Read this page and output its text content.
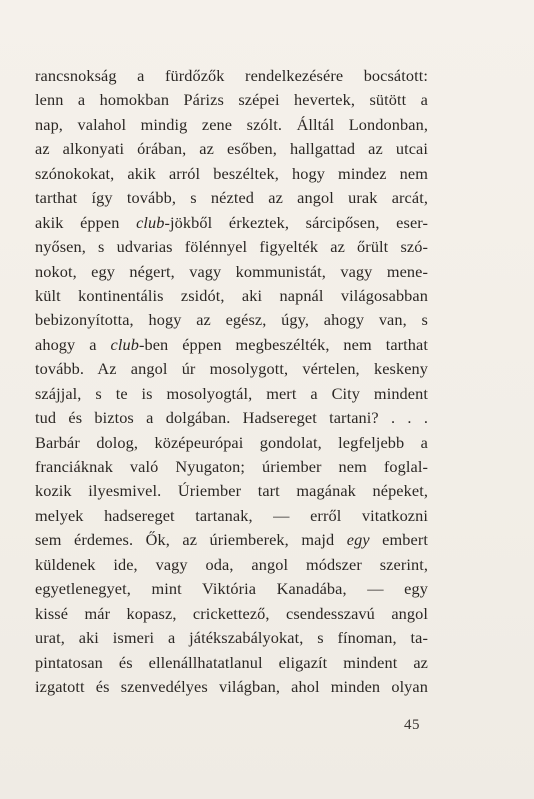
rancsnokság a fürdőzők rendelkezésére bocsátott:
lenn a homokban Párizs szépei hevertek, sütött a
nap, valahol mindig zene szólt. Álltál Londonban,
az alkonyati órában, az esőben, hallgattad az utcai
szónokokat, akik arról beszéltek, hogy mindez nem
tarthat így tovább, s nézted az angol urak arcát,
akik éppen club-jökből érkeztek, sárcipősen, eser-
nyősen, s udvarias fölénnyel figyelték az őrült szó-
nokot, egy négert, vagy kommunistát, vagy mene-
kült kontinentális zsidót, aki napnál világosabban
bebizonyította, hogy az egész, úgy, ahogy van, s
ahogy a club-ben éppen megbeszélték, nem tarthat
tovább. Az angol úr mosolygott, vértelen, keskeny
szájjal, s te is mosolyogtál, mert a City mindent
tud és biztos a dolgában. Hadsereget tartani? . . .
Barbár dolog, középeurópai gondolat, legfeljebb a
franciáknak való Nyugaton; úriember nem foglal-
kozik ilyesmivel. Úriember tart magának népeket,
melyek hadsereget tartanak, — erről vitatkozni
sem érdemes. Ők, az úriemberek, majd egy embert
küldenek ide, vagy oda, angol módszer szerint,
egyetlenegyet, mint Viktória Kanadába, — egy
kissé már kopasz, crickettező, csendesszavú angol
urat, aki ismeri a játékszabályokat, s fínoman, ta-
pintatosan és ellenállhatatlanul eligazít mindent az
izgatott és szenvedélyes világban, ahol minden olyan
45
